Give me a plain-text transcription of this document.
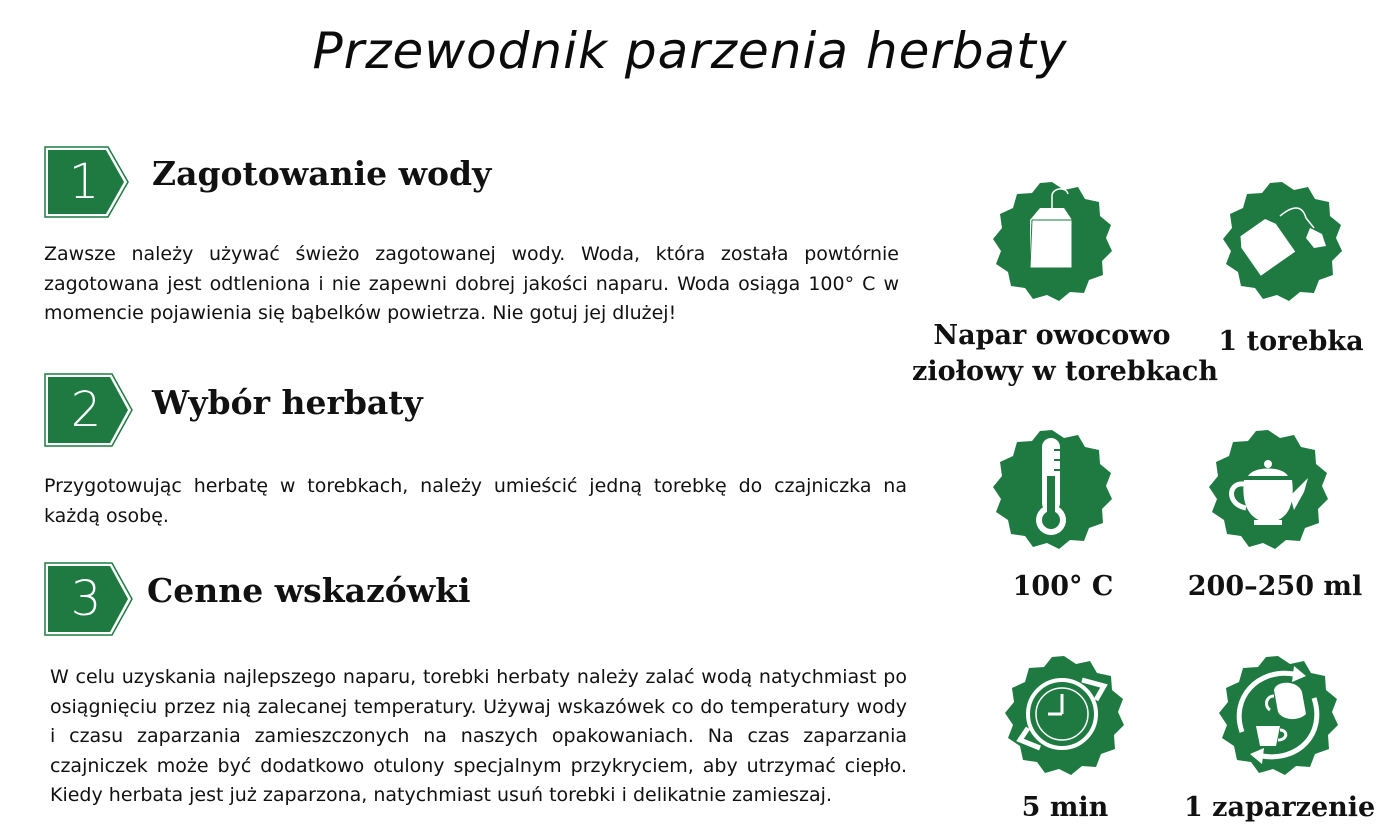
Przewodnik parzenia herbaty
1	Zagotowanie wody
Zawsze należy używać świeżo zagotowanej wody. Woda, która została powtórnie zagotowana jest odtleniona i nie zapewni dobrej jakości naparu. Woda osiąga 100° C w momencie pojawienia się bąbelków powietrza. Nie gotuj jej dlużej!
2	Wybór herbaty
Przygotowując herbatę w torebkach, należy umieścić jedną torebkę do czajniczka na każdą osobę.
3	Cenne wskazówki
W celu uzyskania najlepszego naparu, torebki herbaty należy zalać wodą natychmiast po osiągnięciu przez nią zalecanej temperatury. Używaj wskazówek co do temperatury wody i czasu zaparzania zamieszczonych na naszych opakowaniach. Na czas zaparzania czajniczek może być dodatkowo otulony specjalnym przykryciem, aby utrzymać ciepło. Kiedy herbata jest już zaparzona, natychmiast usuń torebki i delikatnie zamieszaj.
Napar owocowo
ziołowy w torebkach
1 torebka
100° C	200–250 ml
5 min	1 zaparzenie
